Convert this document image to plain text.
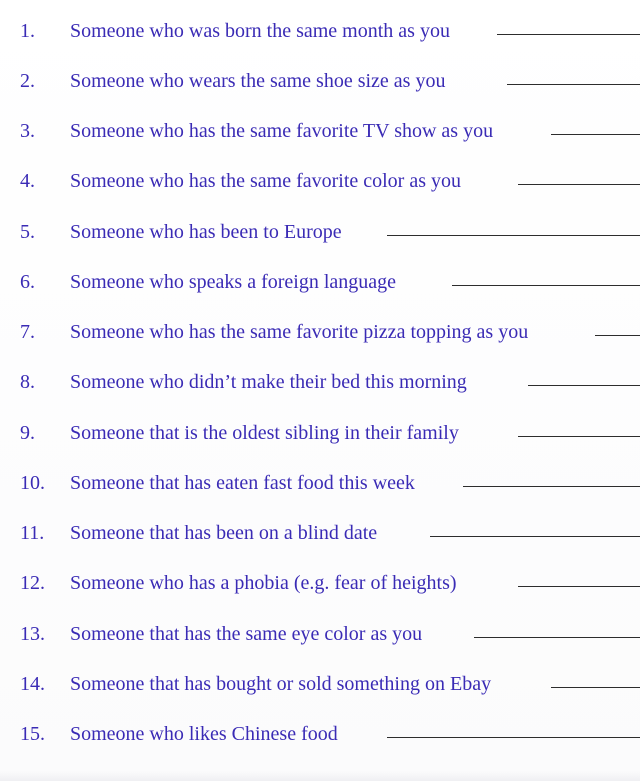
1. Someone who was born the same month as you
2. Someone who wears the same shoe size as you
3. Someone who has the same favorite TV show as you
4. Someone who has the same favorite color as you
5. Someone who has been to Europe
6. Someone who speaks a foreign language
7. Someone who has the same favorite pizza topping as you
8. Someone who didn’t make their bed this morning
9. Someone that is the oldest sibling in their family
10. Someone that has eaten fast food this week
11. Someone that has been on a blind date
12. Someone who has a phobia (e.g. fear of heights)
13. Someone that has the same eye color as you
14. Someone that has bought or sold something on Ebay
15. Someone who likes Chinese food
